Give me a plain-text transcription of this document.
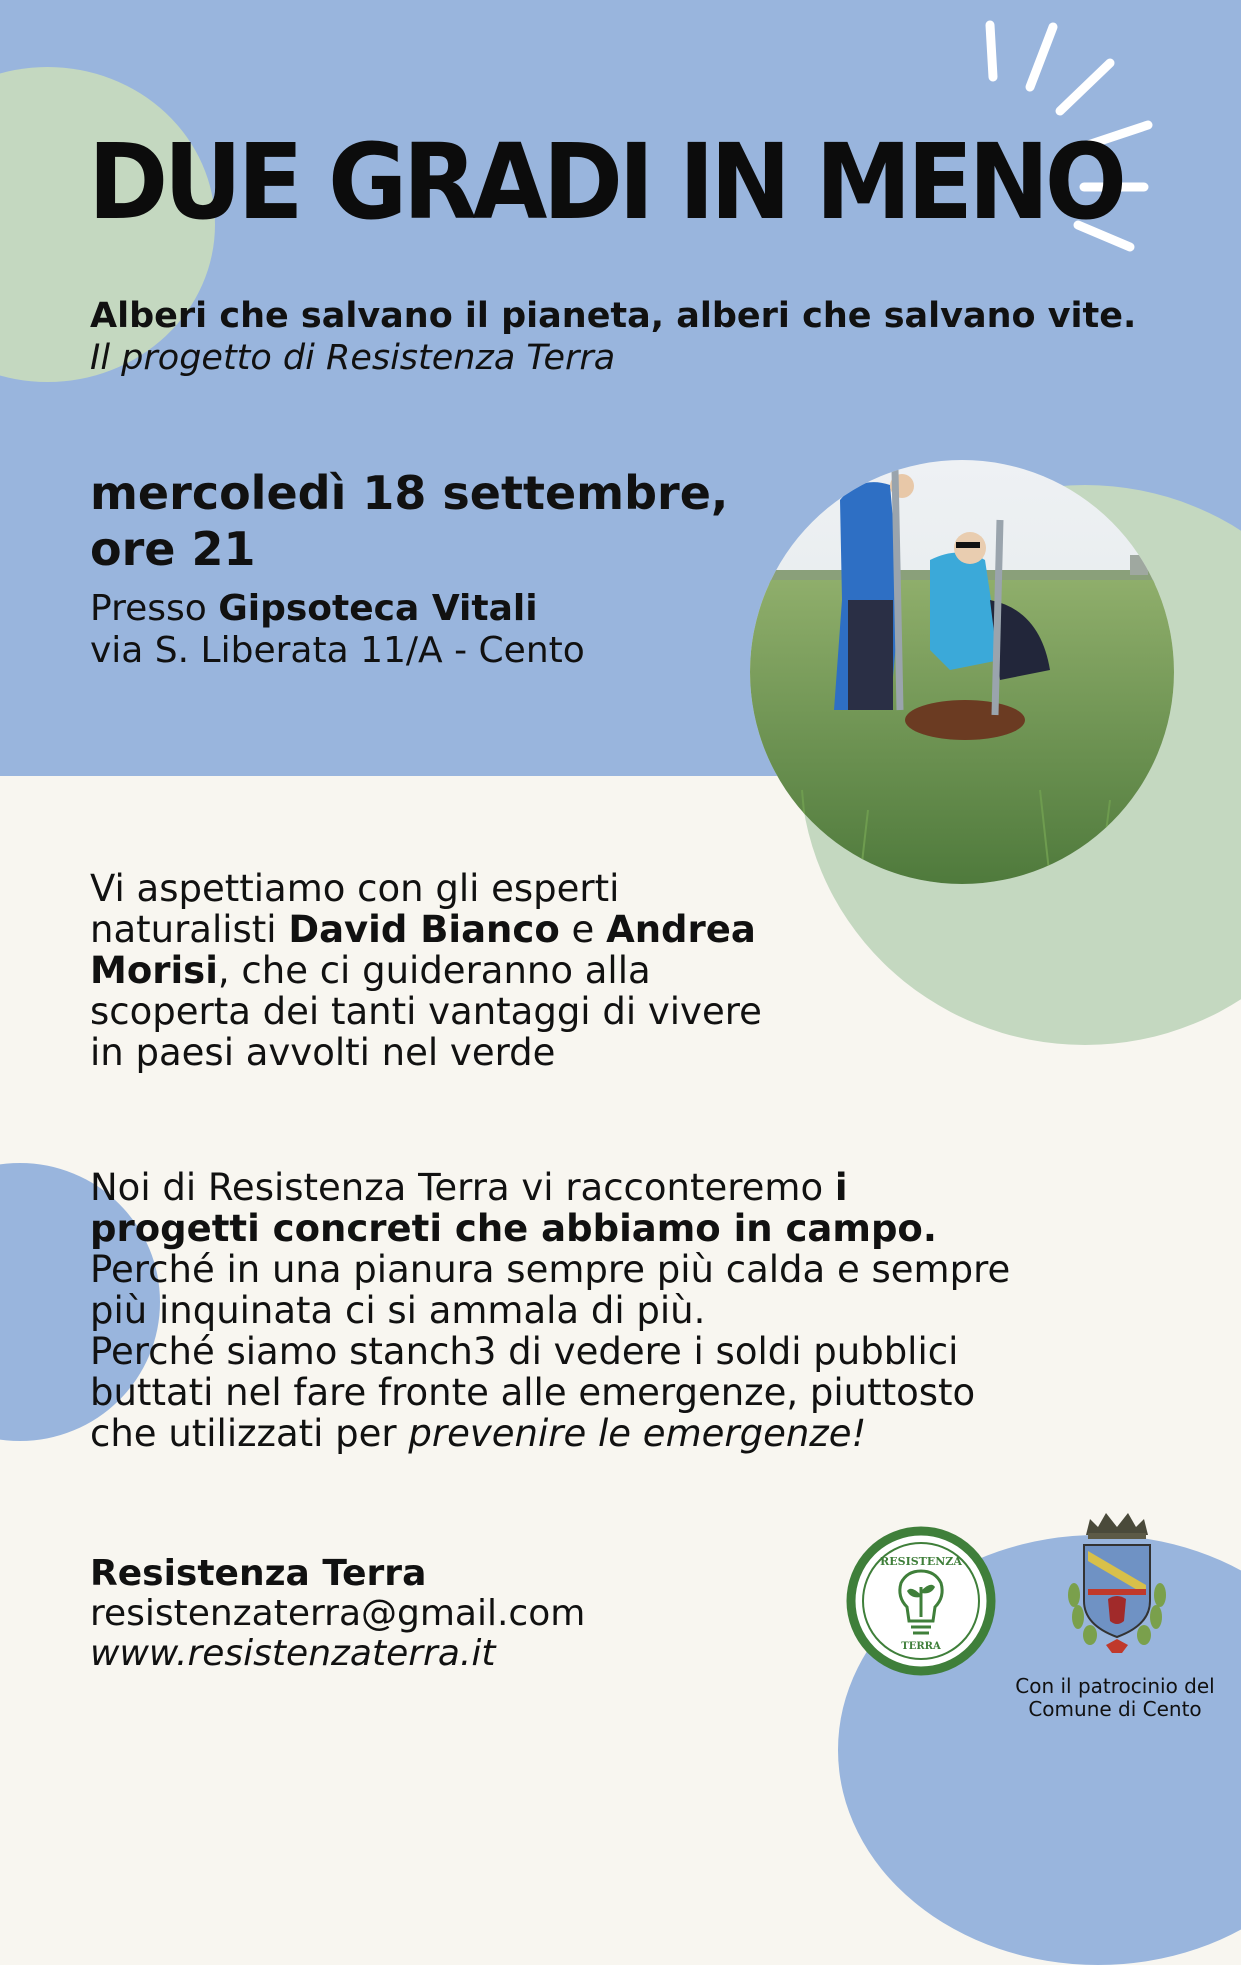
DUE GRADI IN MENO
Alberi che salvano il pianeta, alberi che salvano vite.
Il progetto di Resistenza Terra
mercoledì 18 settembre,
ore 21
Presso Gipsoteca Vitali
via S. Liberata 11/A - Cento
Vi aspettiamo con gli esperti
naturalisti David Bianco e Andrea
Morisi, che ci guideranno alla
scoperta dei tanti vantaggi di vivere
in paesi avvolti nel verde
Noi di Resistenza Terra vi racconteremo i
progetti concreti che abbiamo in campo.
Perché in una pianura sempre più calda e sempre
più inquinata ci si ammala di più.
Perché siamo stanch3 di vedere i soldi pubblici
buttati nel fare fronte alle emergenze, piuttosto
che utilizzati per prevenire le emergenze!
Resistenza Terra
resistenzaterra@gmail.com
www.resistenzaterra.it
RESISTENZA
TERRA
Con il patrocinio del
Comune di Cento
